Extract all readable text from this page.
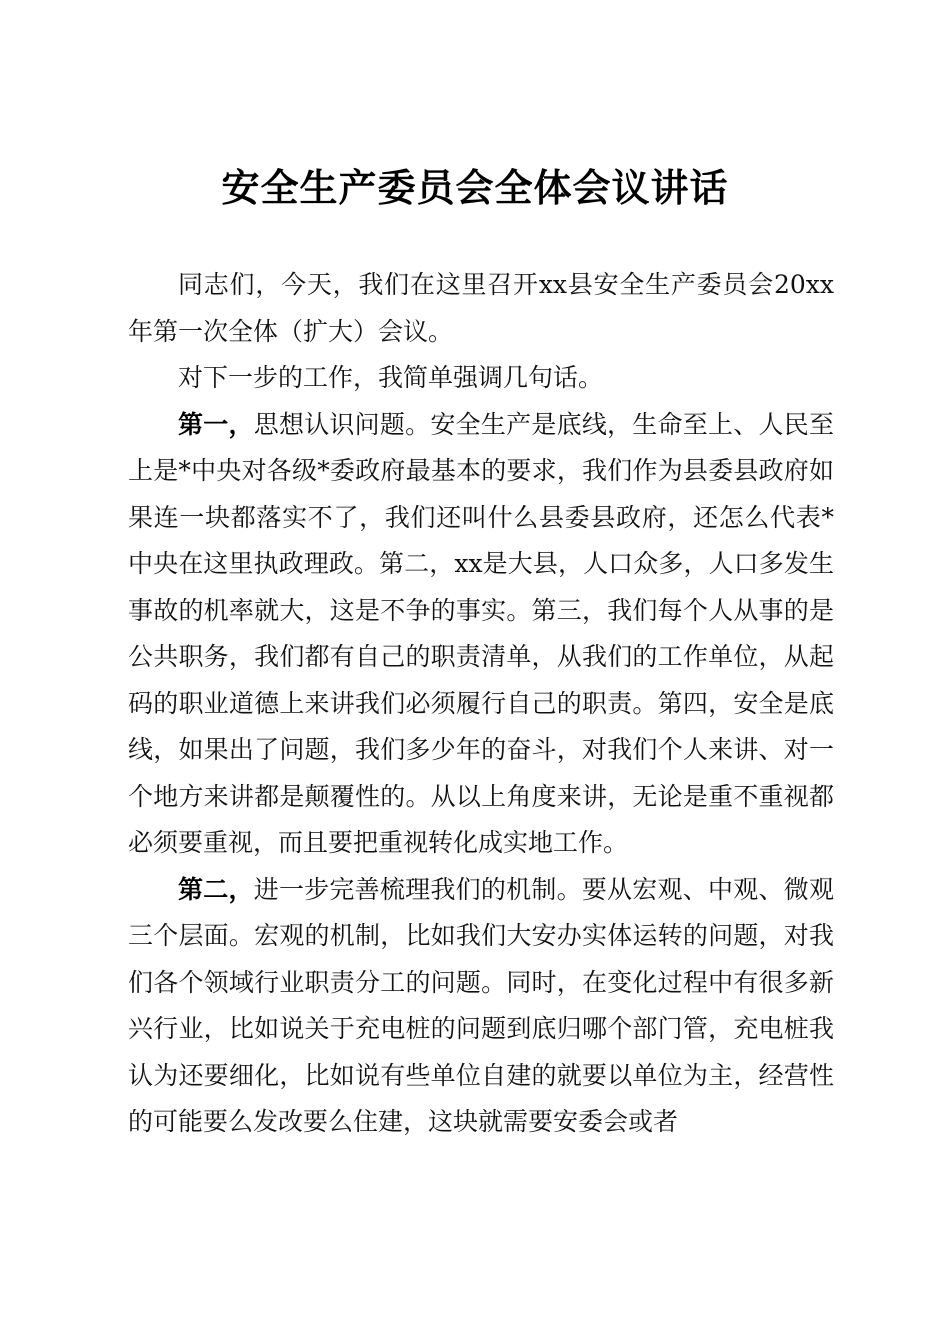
安全生产委员会全体会议讲话

同志们，今天，我们在这里召开xx县安全生产委员会20xx年第一次全体（扩大）会议。

对下一步的工作，我简单强调几句话。

第一，思想认识问题。安全生产是底线，生命至上、人民至上是*中央对各级*委政府最基本的要求，我们作为县委县政府如果连一块都落实不了，我们还叫什么县委县政府，还怎么代表*中央在这里执政理政。第二，xx是大县，人口众多，人口多发生事故的机率就大，这是不争的事实。第三，我们每个人从事的是公共职务，我们都有自己的职责清单，从我们的工作单位，从起码的职业道德上来讲我们必须履行自己的职责。第四，安全是底线，如果出了问题，我们多少年的奋斗，对我们个人来讲、对一个地方来讲都是颠覆性的。从以上角度来讲，无论是重不重视都必须要重视，而且要把重视转化成实地工作。

第二，进一步完善梳理我们的机制。要从宏观、中观、微观三个层面。宏观的机制，比如我们大安办实体运转的问题，对我们各个领域行业职责分工的问题。同时，在变化过程中有很多新兴行业，比如说关于充电桩的问题到底归哪个部门管，充电桩我认为还要细化，比如说有些单位自建的就要以单位为主，经营性的可能要么发改要么住建，这块就需要安委会或者
